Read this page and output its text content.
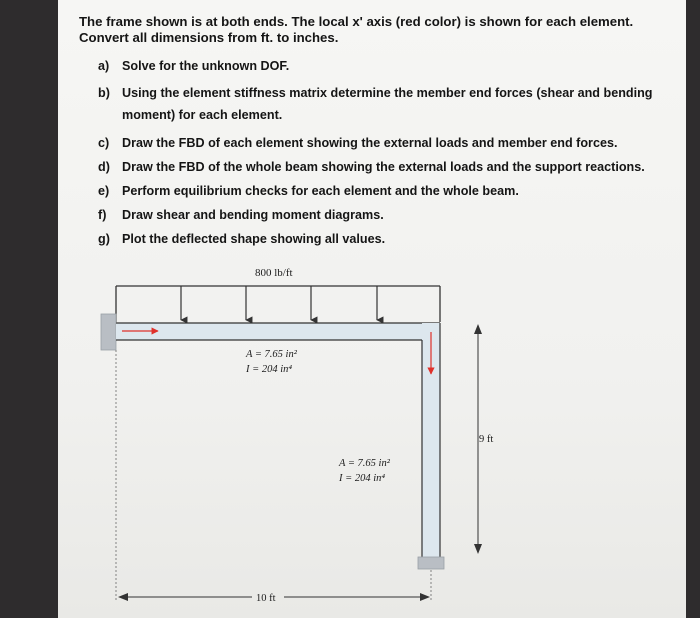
The frame shown is at both ends. The local x' axis (red color) is shown for each element. Convert all dimensions from ft. to inches.
a) Solve for the unknown DOF.
b) Using the element stiffness matrix determine the member end forces (shear and bending moment) for each element.
c) Draw the FBD of each element showing the external loads and member end forces.
d) Draw the FBD of the whole beam showing the external loads and the support reactions.
e) Perform equilibrium checks for each element and the whole beam.
f) Draw shear and bending moment diagrams.
g) Plot the deflected shape showing all values.
800 lb/ft
A = 7.65 in²
I = 204 in⁴
A = 7.65 in²
I = 204 in⁴
9 ft
10 ft
